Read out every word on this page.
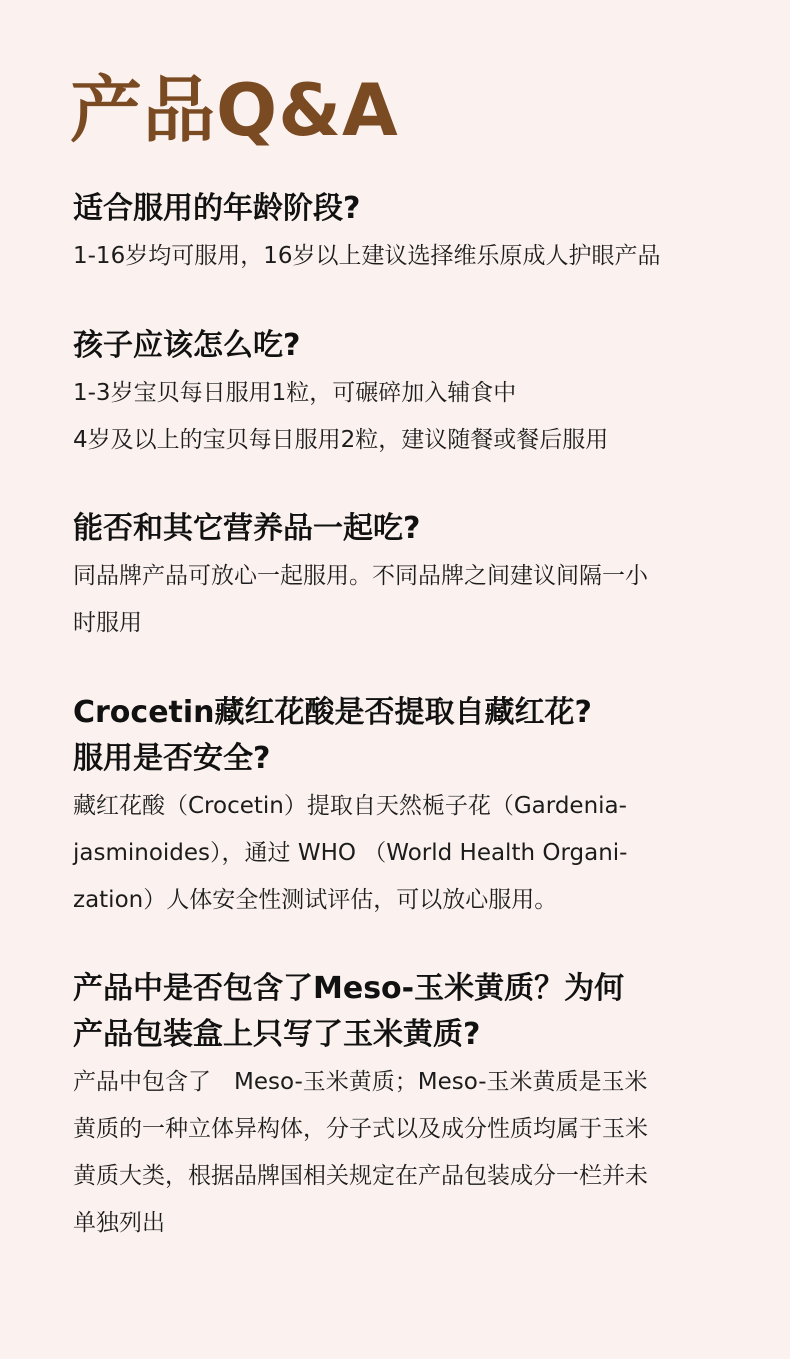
产品Q&A

适合服用的年龄阶段?

1-16岁均可服用，16岁以上建议选择维乐原成人护眼产品

孩子应该怎么吃?

1-3岁宝贝每日服用1粒，可碾碎加入辅食中

4岁及以上的宝贝每日服用2粒，建议随餐或餐后服用

能否和其它营养品一起吃?

同品牌产品可放心一起服用。不同品牌之间建议间隔一小

时服用

Crocetin藏红花酸是否提取自藏红花?

服用是否安全?

藏红花酸（Crocetin）提取自天然栀子花（Gardenia-

jasminoides），通过 WHO （World Health Organi-

zation）人体安全性测试评估，可以放心服用。

产品中是否包含了Meso-玉米黄质？为何

产品包装盒上只写了玉米黄质?

产品中包含了　Meso-玉米黄质；Meso-玉米黄质是玉米

黄质的一种立体异构体，分子式以及成分性质均属于玉米

黄质大类，根据品牌国相关规定在产品包装成分一栏并未

单独列出
